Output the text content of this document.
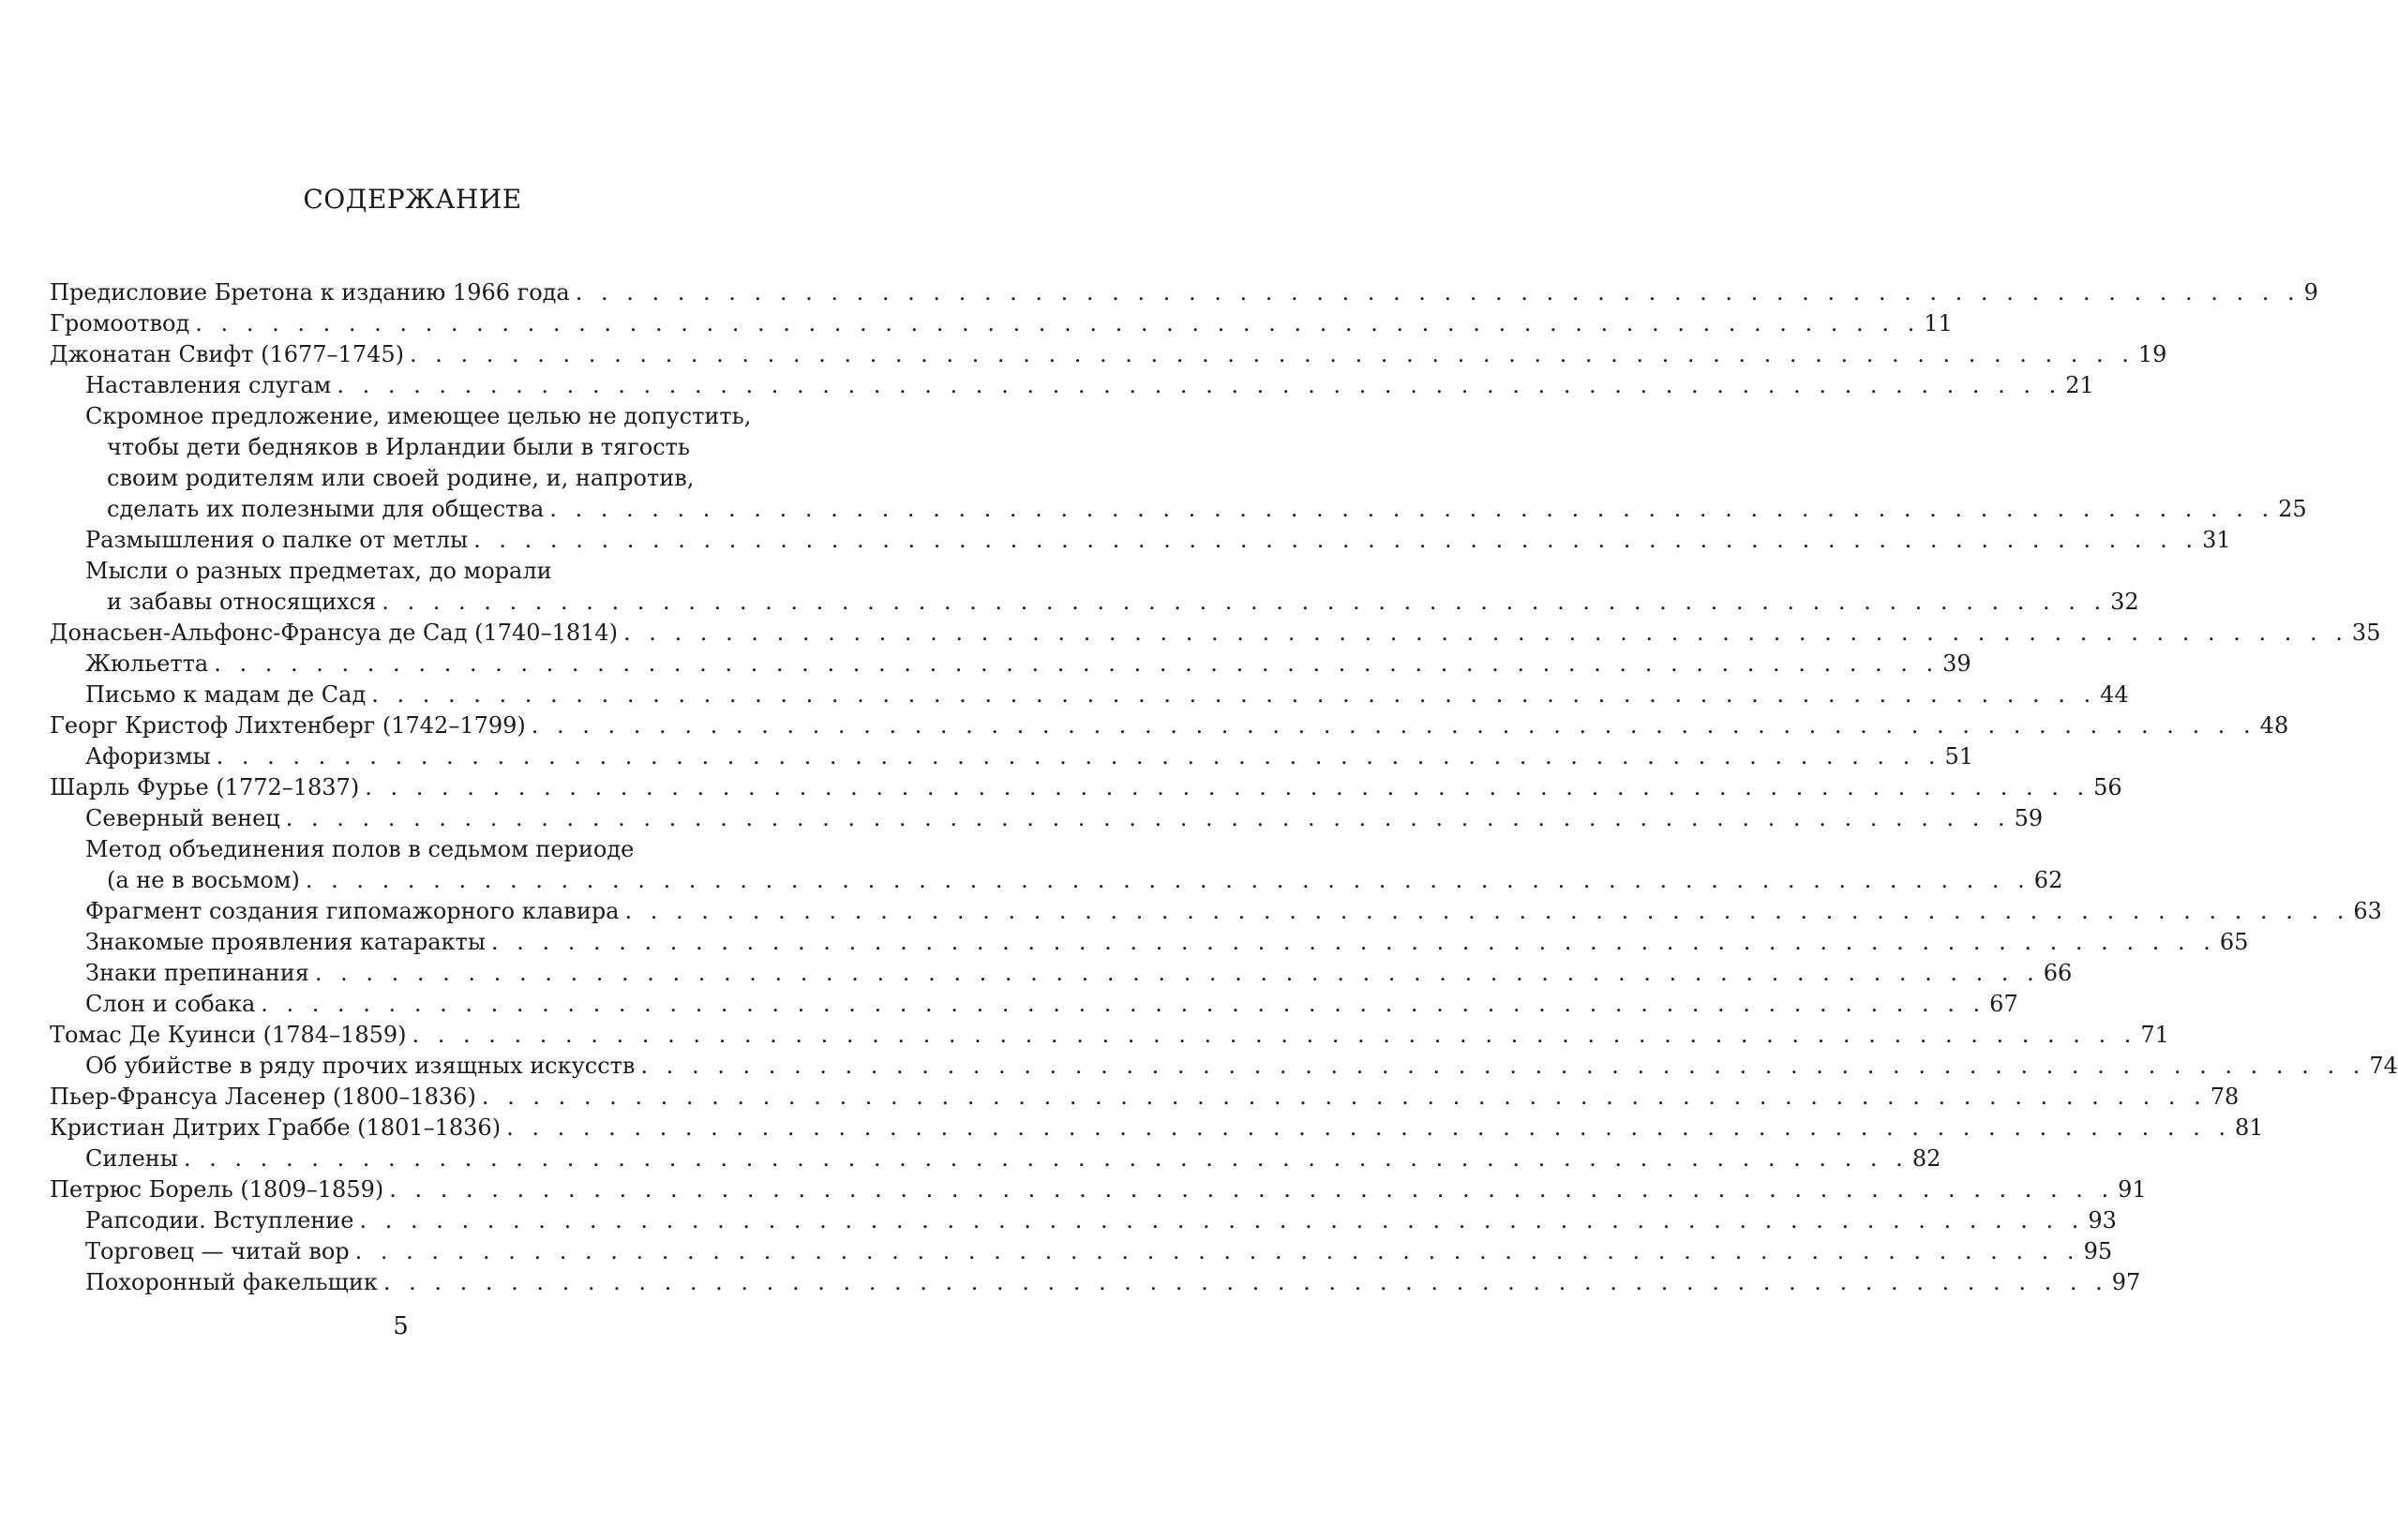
СОДЕРЖАНИЕ
Предисловие Бретона к изданию 1966 года . . . . . . . . . . . . . . . . . . . . . . . . . . . . . . . . . . . . . . . . . . . . . . . . . . . . . . . . . . . . . . . . . . . . 9
Громоотвод . . . . . . . . . . . . . . . . . . . . . . . . . . . . . . . . . . . . . . . . . . . . . . . . . . . . . . . . . . . . . . . . . . . . 11
Джонатан Свифт (1677–1745) . . . . . . . . . . . . . . . . . . . . . . . . . . . . . . . . . . . . . . . . . . . . . . . . . . . . . . . . . . . . . . . . . . . . 19
Наставления слугам . . . . . . . . . . . . . . . . . . . . . . . . . . . . . . . . . . . . . . . . . . . . . . . . . . . . . . . . . . . . . . . . . . . . 21
Скромное предложение, имеющее целью не допустить,
чтобы дети бедняков в Ирландии были в тягость
своим родителям или своей родине, и, напротив,
сделать их полезными для общества . . . . . . . . . . . . . . . . . . . . . . . . . . . . . . . . . . . . . . . . . . . . . . . . . . . . . . . . . . . . . . . . . . . . 25
Размышления о палке от метлы . . . . . . . . . . . . . . . . . . . . . . . . . . . . . . . . . . . . . . . . . . . . . . . . . . . . . . . . . . . . . . . . . . . . 31
Мысли о разных предметах, до морали
и забавы относящихся . . . . . . . . . . . . . . . . . . . . . . . . . . . . . . . . . . . . . . . . . . . . . . . . . . . . . . . . . . . . . . . . . . . . 32
Донасьен-Альфонс-Франсуа де Сад (1740–1814) . . . . . . . . . . . . . . . . . . . . . . . . . . . . . . . . . . . . . . . . . . . . . . . . . . . . . . . . . . . . . . . . . . . . 35
Жюльетта . . . . . . . . . . . . . . . . . . . . . . . . . . . . . . . . . . . . . . . . . . . . . . . . . . . . . . . . . . . . . . . . . . . . 39
Письмо к мадам де Сад . . . . . . . . . . . . . . . . . . . . . . . . . . . . . . . . . . . . . . . . . . . . . . . . . . . . . . . . . . . . . . . . . . . . 44
Георг Кристоф Лихтенберг (1742–1799) . . . . . . . . . . . . . . . . . . . . . . . . . . . . . . . . . . . . . . . . . . . . . . . . . . . . . . . . . . . . . . . . . . . . 48
Афоризмы . . . . . . . . . . . . . . . . . . . . . . . . . . . . . . . . . . . . . . . . . . . . . . . . . . . . . . . . . . . . . . . . . . . . 51
Шарль Фурье (1772–1837) . . . . . . . . . . . . . . . . . . . . . . . . . . . . . . . . . . . . . . . . . . . . . . . . . . . . . . . . . . . . . . . . . . . . 56
Северный венец . . . . . . . . . . . . . . . . . . . . . . . . . . . . . . . . . . . . . . . . . . . . . . . . . . . . . . . . . . . . . . . . . . . . 59
Метод объединения полов в седьмом периоде
(а не в восьмом) . . . . . . . . . . . . . . . . . . . . . . . . . . . . . . . . . . . . . . . . . . . . . . . . . . . . . . . . . . . . . . . . . . . . 62
Фрагмент создания гипомажорного клавира . . . . . . . . . . . . . . . . . . . . . . . . . . . . . . . . . . . . . . . . . . . . . . . . . . . . . . . . . . . . . . . . . . . . 63
Знакомые проявления катаракты . . . . . . . . . . . . . . . . . . . . . . . . . . . . . . . . . . . . . . . . . . . . . . . . . . . . . . . . . . . . . . . . . . . . 65
Знаки препинания . . . . . . . . . . . . . . . . . . . . . . . . . . . . . . . . . . . . . . . . . . . . . . . . . . . . . . . . . . . . . . . . . . . . 66
Слон и собака . . . . . . . . . . . . . . . . . . . . . . . . . . . . . . . . . . . . . . . . . . . . . . . . . . . . . . . . . . . . . . . . . . . . 67
Томас Де Куинси (1784–1859) . . . . . . . . . . . . . . . . . . . . . . . . . . . . . . . . . . . . . . . . . . . . . . . . . . . . . . . . . . . . . . . . . . . . 71
Об убийстве в ряду прочих изящных искусств . . . . . . . . . . . . . . . . . . . . . . . . . . . . . . . . . . . . . . . . . . . . . . . . . . . . . . . . . . . . . . . . . . . . 74
Пьер-Франсуа Ласенер (1800–1836) . . . . . . . . . . . . . . . . . . . . . . . . . . . . . . . . . . . . . . . . . . . . . . . . . . . . . . . . . . . . . . . . . . . . 78
Кристиан Дитрих Граббе (1801–1836) . . . . . . . . . . . . . . . . . . . . . . . . . . . . . . . . . . . . . . . . . . . . . . . . . . . . . . . . . . . . . . . . . . . . 81
Силены . . . . . . . . . . . . . . . . . . . . . . . . . . . . . . . . . . . . . . . . . . . . . . . . . . . . . . . . . . . . . . . . . . . . 82
Петрюс Борель (1809–1859) . . . . . . . . . . . . . . . . . . . . . . . . . . . . . . . . . . . . . . . . . . . . . . . . . . . . . . . . . . . . . . . . . . . . 91
Рапсодии. Вступление . . . . . . . . . . . . . . . . . . . . . . . . . . . . . . . . . . . . . . . . . . . . . . . . . . . . . . . . . . . . . . . . . . . . 93
Торговец — читай вор . . . . . . . . . . . . . . . . . . . . . . . . . . . . . . . . . . . . . . . . . . . . . . . . . . . . . . . . . . . . . . . . . . . . 95
Похоронный факельщик . . . . . . . . . . . . . . . . . . . . . . . . . . . . . . . . . . . . . . . . . . . . . . . . . . . . . . . . . . . . . . . . . . . . 97
5
